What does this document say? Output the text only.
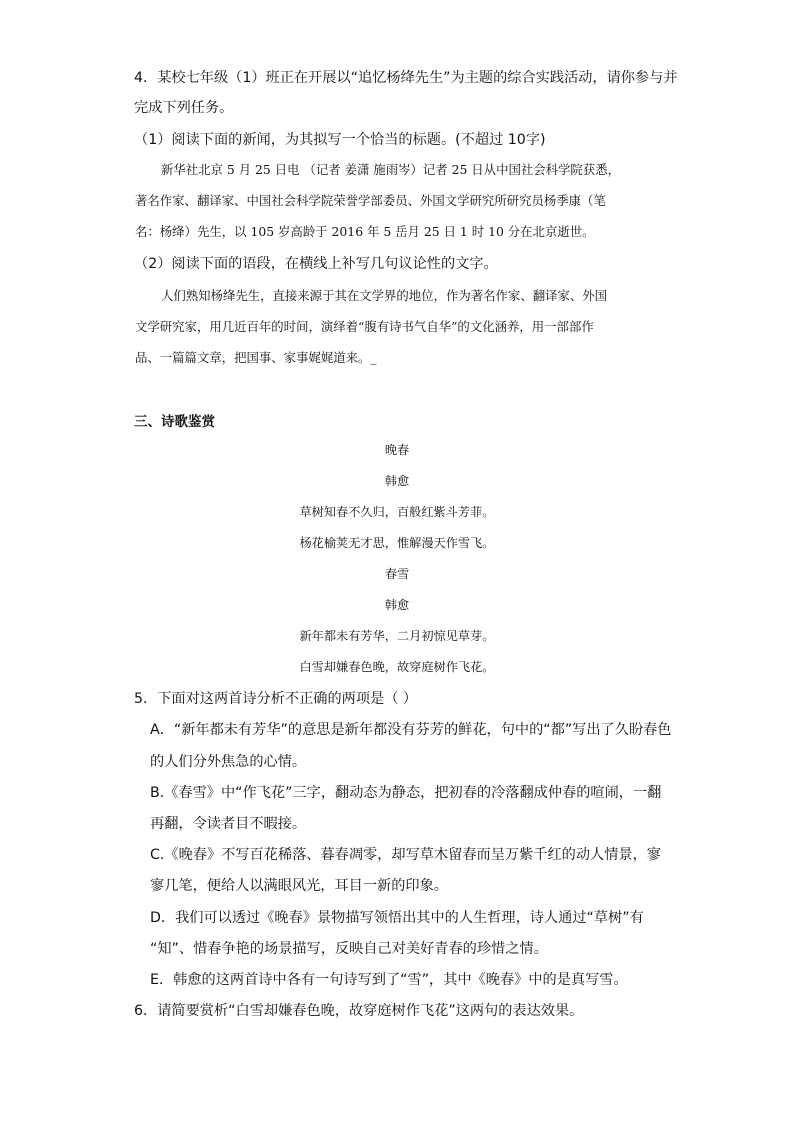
4．某校七年级（1）班正在开展以“追忆杨绛先生”为主题的综合实践活动，请你参与并
完成下列任务。
（1）阅读下面的新闻，为其拟写一个恰当的标题。(不超过 10字)
新华社北京 5 月 25 日电 （记者 姜潇 施雨岑）记者 25 日从中国社会科学院获悉，
著名作家、翻译家、中国社会科学院荣誉学部委员、外国文学研究所研究员杨季康（笔
名：杨绛）先生，以 105 岁高龄于 2016 年 5 岳月 25 日 1 时 10 分在北京逝世。
（2）阅读下面的语段，在横线上补写几句议论性的文字。
人们熟知杨绛先生，直接来源于其在文学界的地位，作为著名作家、翻译家、外国
文学研究家，用几近百年的时间，演绎着“腹有诗书气自华”的文化涵养，用一部部作
品、一篇篇文章，把国事、家事娓娓道来。_
三、诗歌鉴赏
晚春
韩愈
草树知春不久归，百般红紫斗芳菲。
杨花榆荚无才思，惟解漫天作雪飞。
春雪
韩愈
新年都未有芳华，二月初惊见草芽。
白雪却嫌春色晚，故穿庭树作飞花。
5．下面对这两首诗分析不正确的两项是（ ）
A．“新年都未有芳华”的意思是新年都没有芬芳的鲜花，句中的“都”写出了久盼春色
的人们分外焦急的心情。
B.《春雪》中“作飞花”三字，翻动态为静态，把初春的冷落翻成仲春的喧闹，一翻
再翻，令读者目不暇接。
C.《晚春》不写百花稀落、暮春凋零，却写草木留春而呈万紫千红的动人情景，寥
寥几笔，便给人以满眼风光，耳目一新的印象。
D．我们可以透过《晚春》景物描写领悟出其中的人生哲理，诗人通过“草树”有
“知”、惜春争艳的场景描写，反映自己对美好青春的珍惜之情。
E．韩愈的这两首诗中各有一句诗写到了“雪”，其中《晚春》中的是真写雪。
6．请简要赏析“白雪却嫌春色晚，故穿庭树作飞花”这两句的表达效果。
